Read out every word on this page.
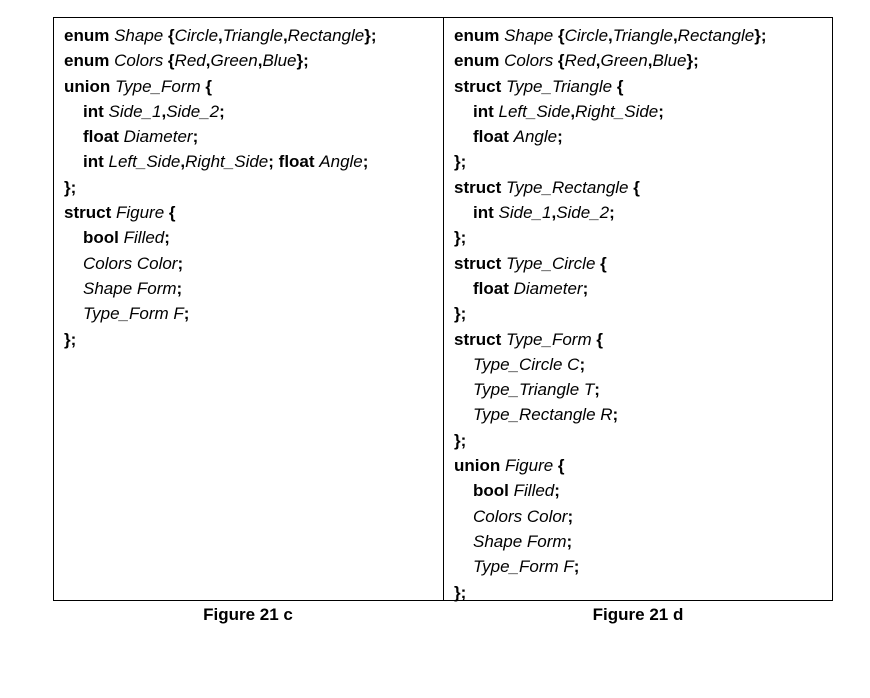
enum Shape {Circle,Triangle,Rectangle};
enum Colors {Red,Green,Blue};
union Type_Form {
int Side_1,Side_2;
float Diameter;
int Left_Side,Right_Side; float Angle;
};
struct Figure {
bool Filled;
Colors Color;
Shape Form;
Type_Form F;
};
enum Shape {Circle,Triangle,Rectangle};
enum Colors {Red,Green,Blue};
struct Type_Triangle {
int Left_Side,Right_Side;
float Angle;
};
struct Type_Rectangle {
int Side_1,Side_2;
};
struct Type_Circle {
float Diameter;
};
struct Type_Form {
Type_Circle C;
Type_Triangle T;
Type_Rectangle R;
};
union Figure {
bool Filled;
Colors Color;
Shape Form;
Type_Form F;
};
Figure 21 c	Figure 21 d
